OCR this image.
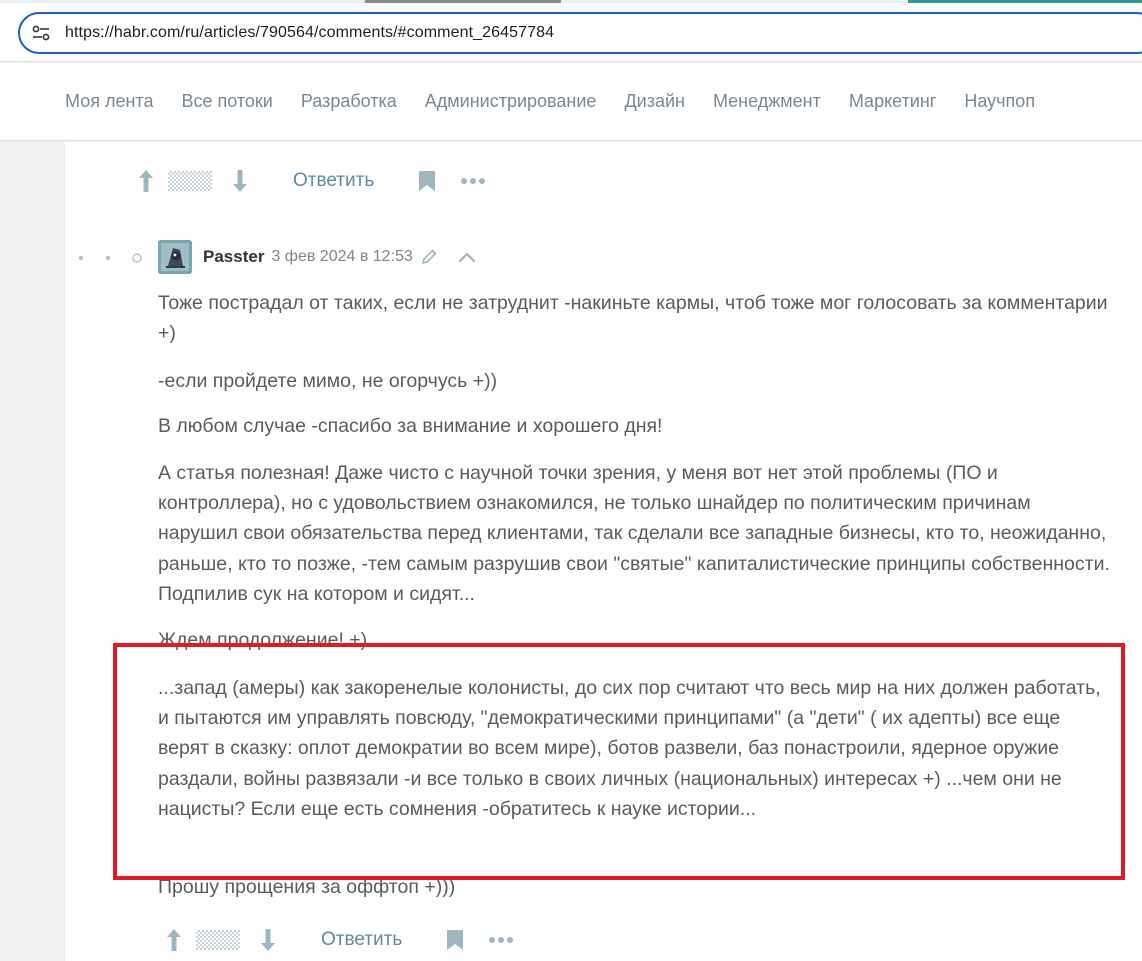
https://habr.com/ru/articles/790564/comments/#comment_26457784
Моя лента Все потоки Разработка Администрирование Дизайн Менеджмент Маркетинг Научпоп
Ответить
Passter 3 фев 2024 в 12:53

Тоже пострадал от таких, если не затруднит -накиньте кармы, чтоб тоже мог голосовать за комментарии +)

-если пройдете мимо, не огорчусь +))

В любом случае -спасибо за внимание и хорошего дня!

А статья полезная! Даже чисто с научной точки зрения, у меня вот нет этой проблемы (ПО и контроллера), но с удовольствием ознакомился, не только шнайдер по политическим причинам нарушил свои обязательства перед клиентами, так сделали все западные бизнесы, кто то, неожиданно, раньше, кто то позже, -тем самым разрушив свои "святые" капиталистические принципы собственности. Подпилив сук на котором и сидят...

Ждем продолжение! +)

...запад (амеры) как закоренелые колонисты, до сих пор считают что весь мир на них должен работать, и пытаются им управлять повсюду, "демократическими принципами" (а "дети" ( их адепты) все еще верят в сказку: оплот демократии во всем мире), ботов развели, баз понастроили, ядерное оружие раздали, войны развязали -и все только в своих личных (национальных) интересах +) ...чем они не нацисты? Если еще есть сомнения -обратитесь к науке истории...

Прошу прощения за оффтоп +)))

Ответить
